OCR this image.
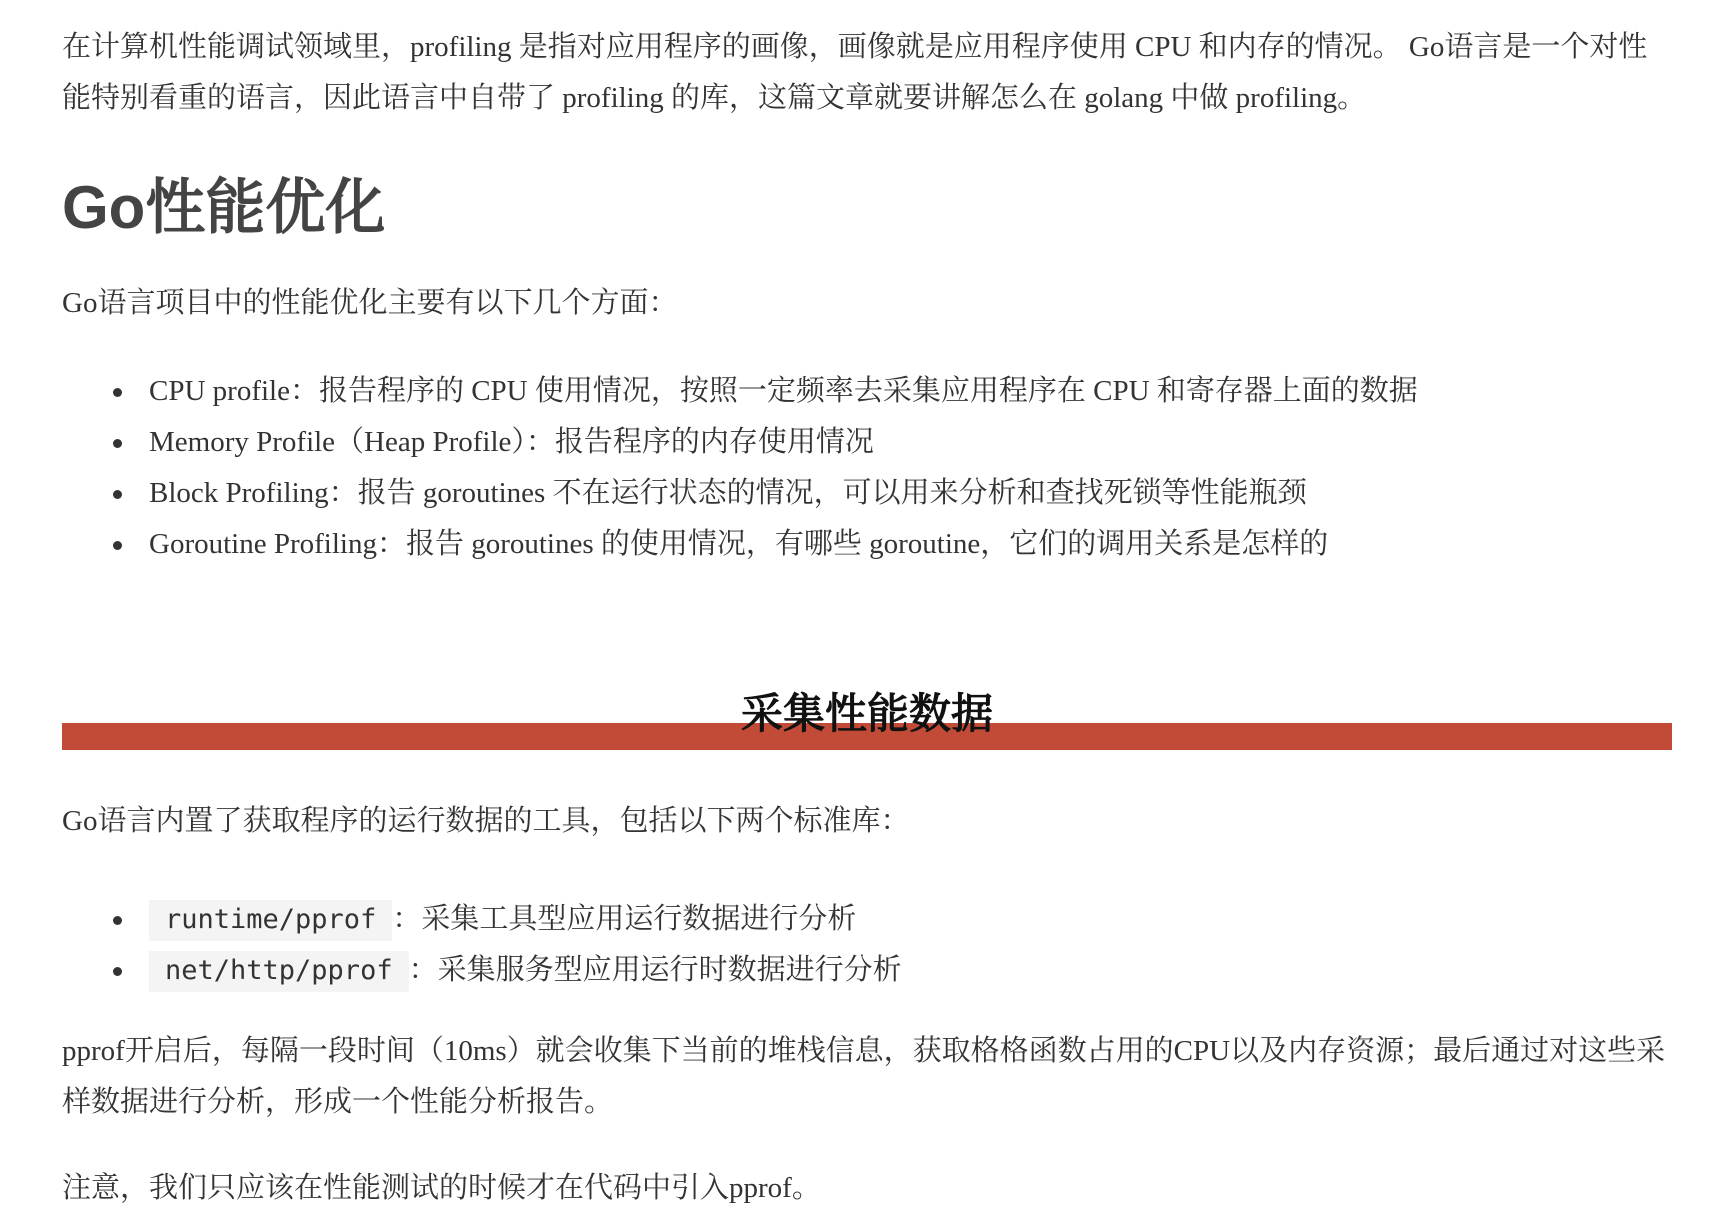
在计算机性能调试领域里，profiling 是指对应用程序的画像，画像就是应用程序使用 CPU 和内存的情况。 Go语言是一个对性能特别看重的语言，因此语言中自带了 profiling 的库，这篇文章就要讲解怎么在 golang 中做 profiling。

Go性能优化

Go语言项目中的性能优化主要有以下几个方面：

CPU profile：报告程序的 CPU 使用情况，按照一定频率去采集应用程序在 CPU 和寄存器上面的数据
Memory Profile（Heap Profile）：报告程序的内存使用情况
Block Profiling：报告 goroutines 不在运行状态的情况，可以用来分析和查找死锁等性能瓶颈
Goroutine Profiling：报告 goroutines 的使用情况，有哪些 goroutine，它们的调用关系是怎样的
采集性能数据

Go语言内置了获取程序的运行数据的工具，包括以下两个标准库：

runtime/pprof ：采集工具型应用运行数据进行分析
net/http/pprof ：采集服务型应用运行时数据进行分析

pprof开启后，每隔一段时间（10ms）就会收集下当前的堆栈信息，获取格格函数占用的CPU以及内存资源；最后通过对这些采样数据进行分析，形成一个性能分析报告。

注意，我们只应该在性能测试的时候才在代码中引入pprof。
